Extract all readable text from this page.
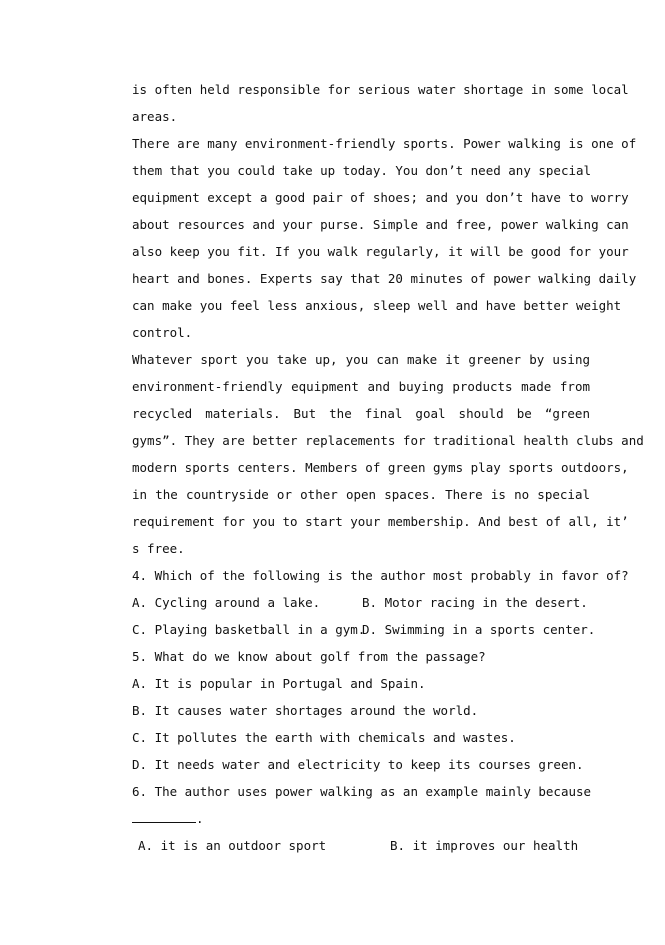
is often held responsible for serious water shortage in some local
areas.
There are many environment-friendly sports. Power walking is one of
them that you could take up today. You don’t need any special
equipment except a good pair of shoes; and you don’t have to worry
about resources and your purse. Simple and free, power walking can
also keep you fit. If you walk regularly, it will be good for your
heart and bones. Experts say that 20 minutes of power walking daily
can make you feel less anxious, sleep well and have better weight
control.
Whatever sport you take up, you can make it greener by using
environment-friendly equipment and buying products made from
recycled materials. But the final goal should be “green
gyms”. They are better replacements for traditional health clubs and
modern sports centers. Members of green gyms play sports outdoors,
in the countryside or other open spaces. There is no special
requirement for you to start your membership. And best of all, it’
s free.
4. Which of the following is the author most probably in favor of?
A. Cycling around a lake.	B. Motor racing in the desert.
C. Playing basketball in a gym.
D. Swimming in a sports center.
5. What do we know about golf from the passage?
A. It is popular in Portugal and Spain.
B. It causes water shortages around the world.
C. It pollutes the earth with chemicals and wastes.
D. It needs water and electricity to keep its courses green.
6. The author uses power walking as an example mainly because
.
A. it is an outdoor sport	B. it improves our health
